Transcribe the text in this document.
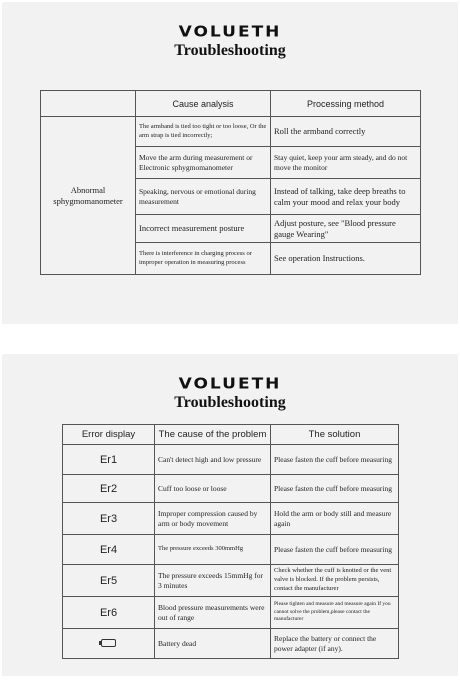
VOLUETH
Troubleshooting
	Cause analysis	Processing method
Abnormal sphygmomanometer	The armband is tied too tight or too loose, Or the arm strap is tied incorrectly;	Roll the armband correctly
	Move the arm during measurement or Electronic sphygmomanometer	Stay quiet, keep your arm steady, and do not move the monitor
	Speaking, nervous or emotional during measurement	Instead of talking, take deep breaths to calm your mood and relax your body
	Incorrect measurement posture	Adjust posture, see "Blood pressure gauge Wearing"
	There is interference in charging process or improper operation in measuring process	See operation Instructions.
VOLUETH
Troubleshooting
Error display	The cause of the problem	The solution
Er1	Can't detect high and low pressure	Please fasten the cuff before measuring
Er2	Cuff too loose or loose	Please fasten the cuff before measuring
Er3	Improper compression caused by arm or body movement	Hold the arm or body still and measure again
Er4	The pressure exceeds 300mmHg	Please fasten the cuff before measuring
Er5	The pressure exceeds 15mmHg for 3 minutes	Check whether the cuff is knotted or the vent valve is blocked. If the problem persists, contact the manufacturer
Er6	Blood pressure measurements were out of range	Please tighten and measure and measure again If you cannot solve the problem,please contact the manufacturer
	Battery dead	Replace the battery or connect the power adapter (if any).
